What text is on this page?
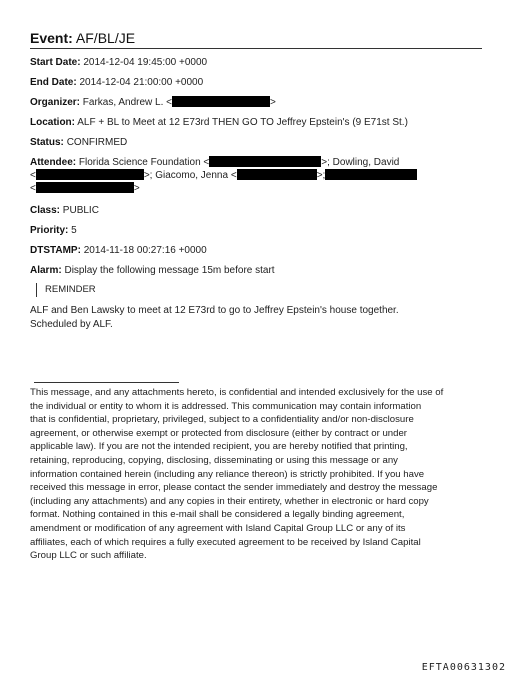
Event: AF/BL/JE
Start Date: 2014-12-04 19:45:00 +0000
End Date: 2014-12-04 21:00:00 +0000
Organizer: Farkas, Andrew L. <	>
Location: ALF + BL to Meet at 12 E73rd THEN GO TO Jeffrey Epstein's (9 E71st St.)
Status: CONFIRMED
Attendee: Florida Science Foundation <	>; Dowling, David
<	>; Giacomo, Jenna <	>;
<	>
Class: PUBLIC
Priority: 5
DTSTAMP: 2014-11-18 00:27:16 +0000
Alarm: Display the following message 15m before start
REMINDER
ALF and Ben Lawsky to meet at 12 E73rd to go to Jeffrey Epstein's house together.
Scheduled by ALF.
This message, and any attachments hereto, is confidential and intended exclusively for the use of
the individual or entity to whom it is addressed. This communication may contain information
that is confidential, proprietary, privileged, subject to a confidentiality and/or non-disclosure
agreement, or otherwise exempt or protected from disclosure (either by contract or under
applicable law). If you are not the intended recipient, you are hereby notified that printing,
retaining, reproducing, copying, disclosing, disseminating or using this message or any
information contained herein (including any reliance thereon) is strictly prohibited. If you have
received this message in error, please contact the sender immediately and destroy the message
(including any attachments) and any copies in their entirety, whether in electronic or hard copy
format. Nothing contained in this e-mail shall be considered a legally binding agreement,
amendment or modification of any agreement with Island Capital Group LLC or any of its
affiliates, each of which requires a fully executed agreement to be received by Island Capital
Group LLC or such affiliate.
EFTA00631302
